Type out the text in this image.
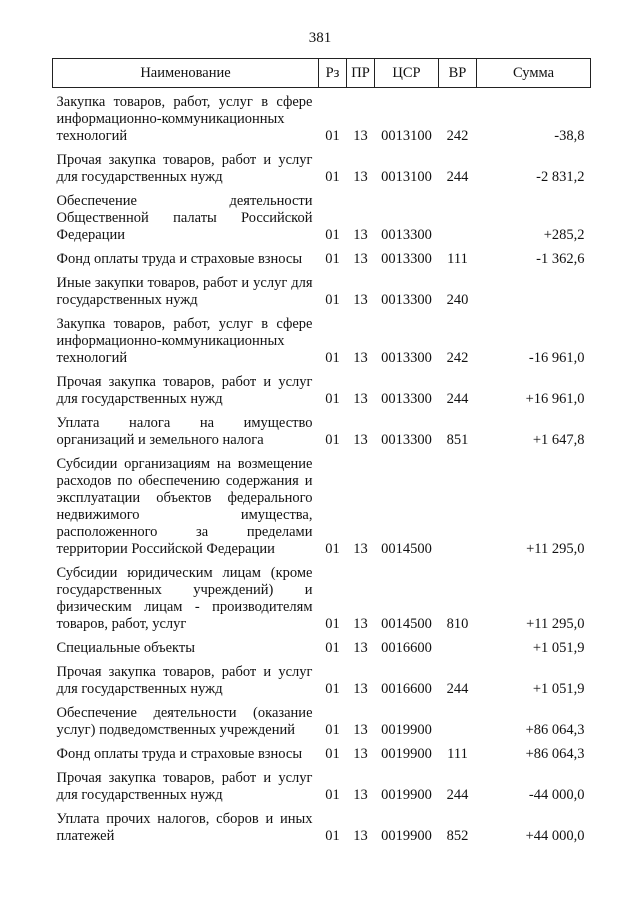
381
Наименование	Рз	ПР	ЦСР	ВР	Сумма
Закупка товаров, работ, услуг в сфере информационно-коммуникационных технологий	01	13	0013100	242	-38,8
Прочая закупка товаров, работ и услуг для государственных нужд	01	13	0013100	244	-2 831,2
Обеспечение деятельности Общественной палаты Российской Федерации	01	13	0013300		+285,2
Фонд оплаты труда и страховые взносы	01	13	0013300	111	-1 362,6
Иные закупки товаров, работ и услуг для государственных нужд	01	13	0013300	240	
Закупка товаров, работ, услуг в сфере информационно-коммуникационных технологий	01	13	0013300	242	-16 961,0
Прочая закупка товаров, работ и услуг для государственных нужд	01	13	0013300	244	+16 961,0
Уплата налога на имущество организаций и земельного налога	01	13	0013300	851	+1 647,8
Субсидии организациям на возмещение расходов по обеспечению содержания и эксплуатации объектов федерального недвижимого имущества, расположенного за пределами территории Российской Федерации	01	13	0014500		+11 295,0
Субсидии юридическим лицам (кроме государственных учреждений) и физическим лицам - производителям товаров, работ, услуг	01	13	0014500	810	+11 295,0
Специальные объекты	01	13	0016600		+1 051,9
Прочая закупка товаров, работ и услуг для государственных нужд	01	13	0016600	244	+1 051,9
Обеспечение деятельности (оказание услуг) подведомственных учреждений	01	13	0019900		+86 064,3
Фонд оплаты труда и страховые взносы	01	13	0019900	111	+86 064,3
Прочая закупка товаров, работ и услуг для государственных нужд	01	13	0019900	244	-44 000,0
Уплата прочих налогов, сборов и иных платежей	01	13	0019900	852	+44 000,0
